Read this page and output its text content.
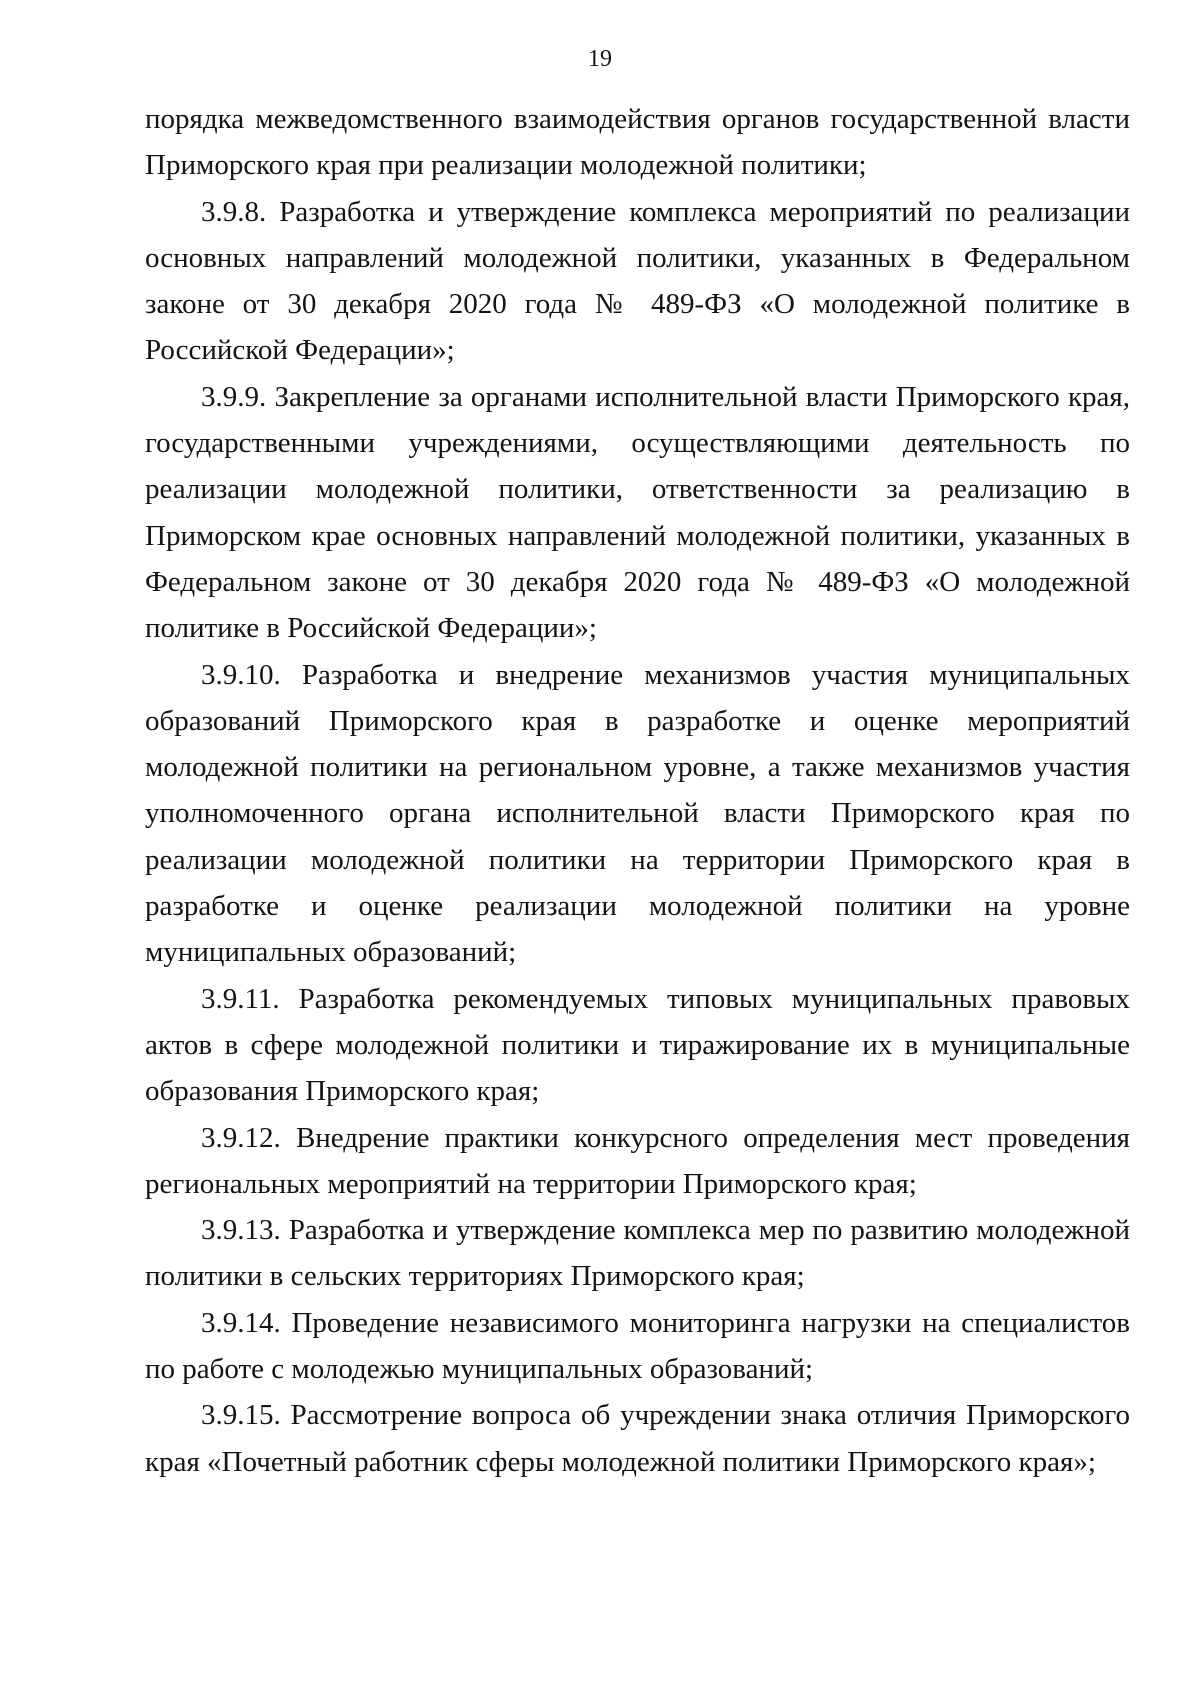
19

порядка межведомственного взаимодействия органов государственной власти Приморского края при реализации молодежной политики;

3.9.8. Разработка и утверждение комплекса мероприятий по реализации основных направлений молодежной политики, указанных в Федеральном законе от 30 декабря 2020 года № 489-ФЗ «О молодежной политике в Российской Федерации»;

3.9.9. Закрепление за органами исполнительной власти Приморского края, государственными учреждениями, осуществляющими деятельность по реализации молодежной политики, ответственности за реализацию в Приморском крае основных направлений молодежной политики, указанных в Федеральном законе от 30 декабря 2020 года № 489-ФЗ «О молодежной политике в Российской Федерации»;

3.9.10. Разработка и внедрение механизмов участия муниципальных образований Приморского края в разработке и оценке мероприятий молодежной политики на региональном уровне, а также механизмов участия уполномоченного органа исполнительной власти Приморского края по реализации молодежной политики на территории Приморского края в разработке и оценке реализации молодежной политики на уровне муниципальных образований;

3.9.11. Разработка рекомендуемых типовых муниципальных правовых актов в сфере молодежной политики и тиражирование их в муниципальные образования Приморского края;

3.9.12. Внедрение практики конкурсного определения мест проведения региональных мероприятий на территории Приморского края;

3.9.13. Разработка и утверждение комплекса мер по развитию молодежной политики в сельских территориях Приморского края;

3.9.14. Проведение независимого мониторинга нагрузки на специалистов по работе с молодежью муниципальных образований;

3.9.15. Рассмотрение вопроса об учреждении знака отличия Приморского края «Почетный работник сферы молодежной политики Приморского края»;
